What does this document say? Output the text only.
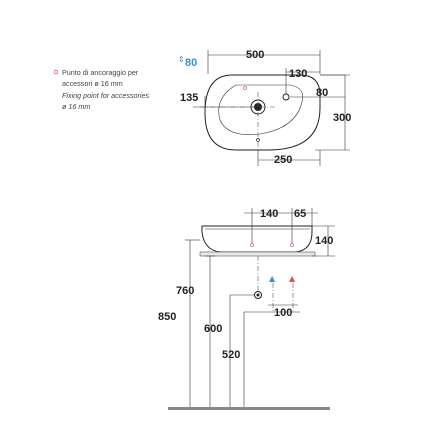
Punto di ancoraggio per
accessori ø 16 mm
Fixing point for accessories
ø 16 mm
500
⇕ 80
130
80
300
135
250
140 65
140
▲ ▲
100
760
850
600
520
